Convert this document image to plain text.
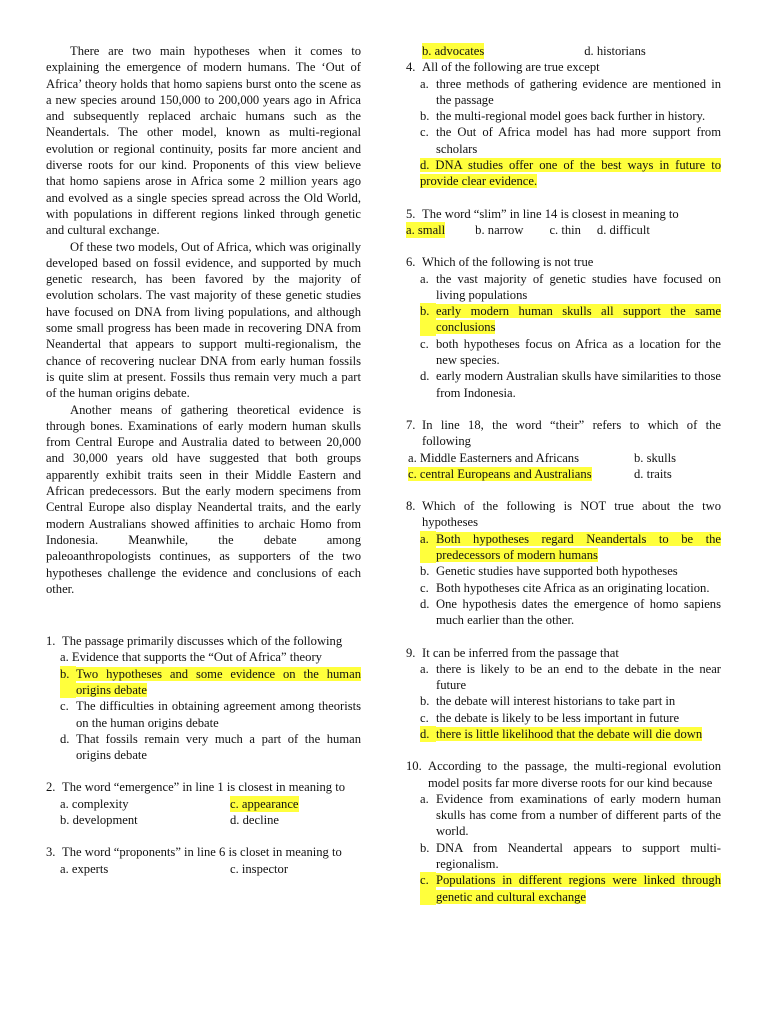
There are two main hypotheses when it comes to explaining the emergence of modern humans. The ‘Out of Africa’ theory holds that homo sapiens burst onto the scene as a new species around 150,000 to 200,000 years ago in Africa and subsequently replaced archaic humans such as the Neandertals. The other model, known as multi-regional evolution or regional continuity, posits far more ancient and diverse roots for our kind. Proponents of this view believe that homo sapiens arose in Africa some 2 million years ago and evolved as a single species spread across the Old World, with populations in different regions linked through genetic and cultural exchange.

Of these two models, Out of Africa, which was originally developed based on fossil evidence, and supported by much genetic research, has been favored by the majority of evolution scholars. The vast majority of these genetic studies have focused on DNA from living populations, and although some small progress has been made in recovering DNA from Neandertal that appears to support multi-regionalism, the chance of recovering nuclear DNA from early human fossils is quite slim at present. Fossils thus remain very much a part of the human origins debate.

Another means of gathering theoretical evidence is through bones. Examinations of early modern human skulls from Central Europe and Australia dated to between 20,000 and 30,000 years old have suggested that both groups apparently exhibit traits seen in their Middle Eastern and African predecessors. But the early modern specimens from Central Europe also display Neandertal traits, and the early modern Australians showed affinities to archaic Homo from Indonesia. Meanwhile, the debate among paleoanthropologists continues, as supporters of the two hypotheses challenge the evidence and conclusions of each other.

1. The passage primarily discusses which of the following
a. Evidence that supports the “Out of Africa” theory
b. Two hypotheses and some evidence on the human origins debate
c. The difficulties in obtaining agreement among theorists on the human origins debate
d. That fossils remain very much a part of the human origins debate
2. The word “emergence” in line 1 is closest in meaning to
a. complexity	c. appearance
b. development	d. decline
3. The word “proponents” in line 6 is closet in meaning to
a. experts	c. inspector
b. advocates	d. historians
4. All of the following are true except
a. three methods of gathering evidence are mentioned in the passage
b. the multi-regional model goes back further in history.
c. the Out of Africa model has had more support from scholars
d. DNA studies offer one of the best ways in future to provide clear evidence.
5. The word “slim” in line 14 is closest in meaning to
a. small b. narrow c. thin d. difficult
6. Which of the following is not true
a. the vast majority of genetic studies have focused on living populations
b. early modern human skulls all support the same conclusions
c. both hypotheses focus on Africa as a location for the new species.
d. early modern Australian skulls have similarities to those from Indonesia.
7. In line 18, the word “their” refers to which of the following
a. Middle Easterners and Africans	b. skulls
c. central Europeans and Australians	d. traits
8. Which of the following is NOT true about the two hypotheses
a. Both hypotheses regard Neandertals to be the predecessors of modern humans
b. Genetic studies have supported both hypotheses
c. Both hypotheses cite Africa as an originating location.
d. One hypothesis dates the emergence of homo sapiens much earlier than the other.
9. It can be inferred from the passage that
a. there is likely to be an end to the debate in the near future
b. the debate will interest historians to take part in
c. the debate is likely to be less important in future
d. there is little likelihood that the debate will die down
10. According to the passage, the multi-regional evolution model posits far more diverse roots for our kind because
a. Evidence from examinations of early modern human skulls has come from a number of different parts of the world.
b. DNA from Neandertal appears to support multi-regionalism.
c. Populations in different regions were linked through genetic and cultural exchange
